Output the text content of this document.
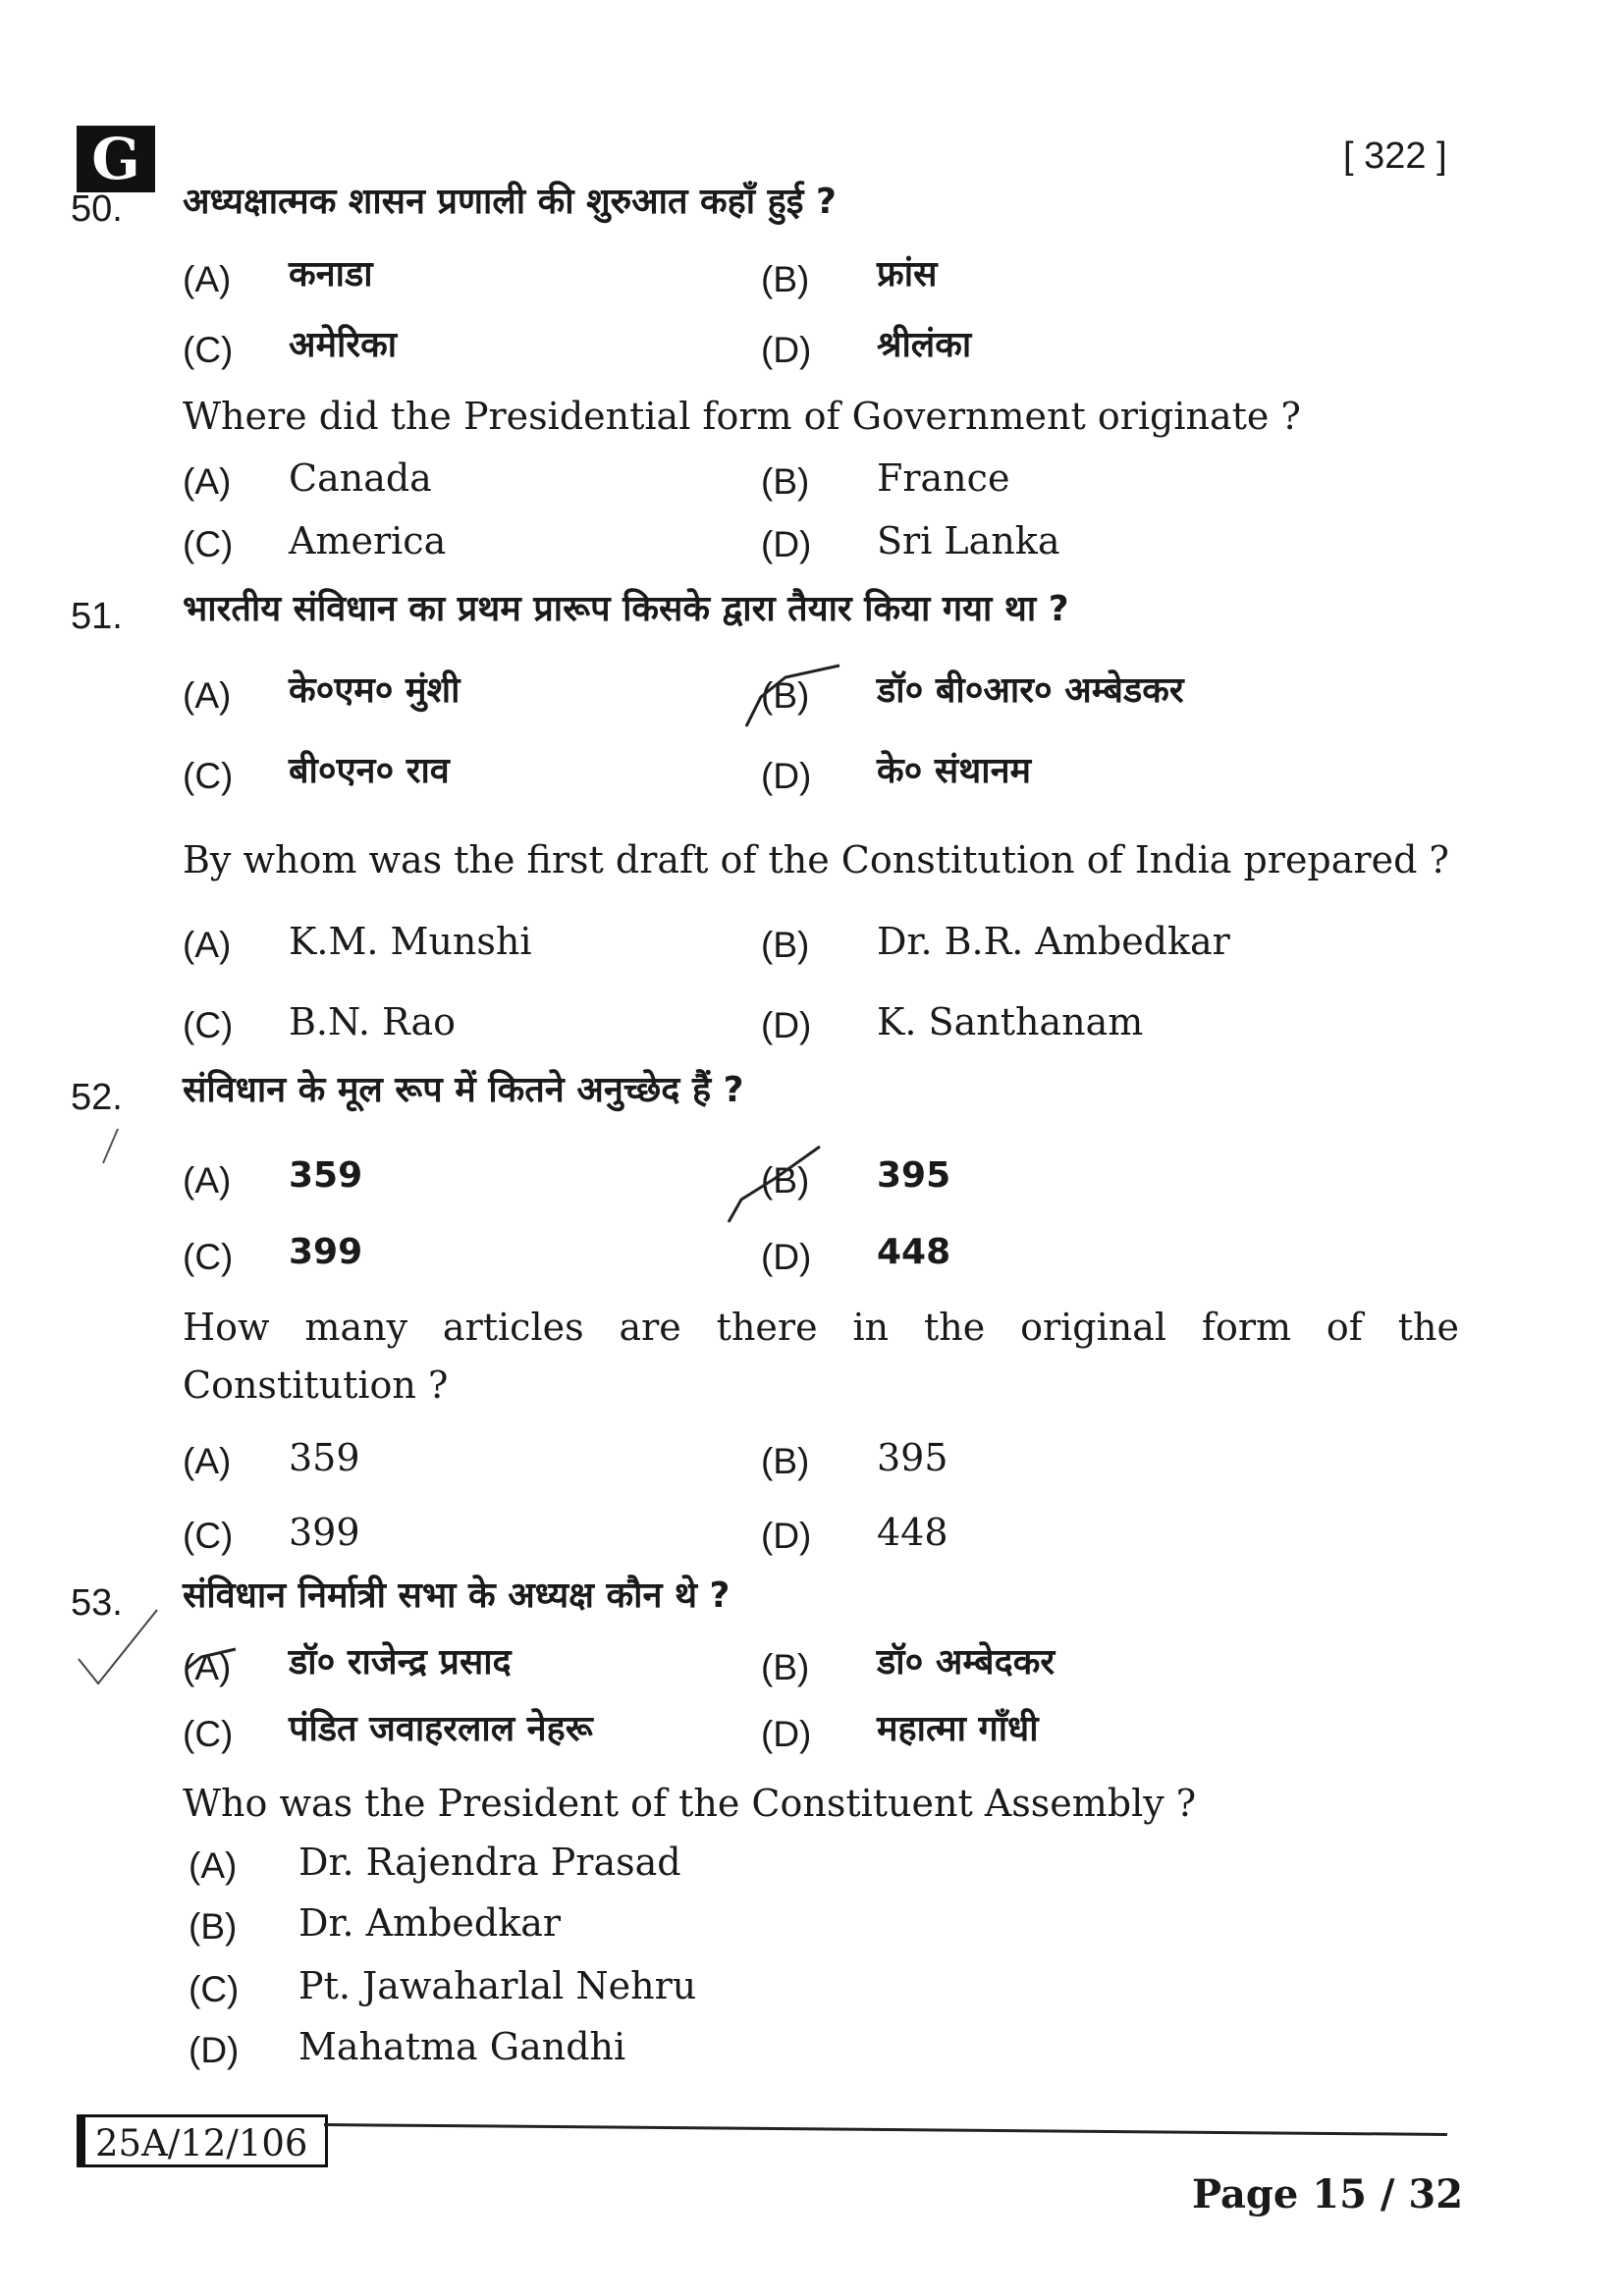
G	[ 322 ]
50. अध्यक्षात्मक शासन प्रणाली की शुरुआत कहाँ हुई ?
(A) कनाडा	(B) फ्रांस
(C) अमेरिका	(D) श्रीलंका
Where did the Presidential form of Government originate ?
(A) Canada	(B) France
(C) America	(D) Sri Lanka
51. भारतीय संविधान का प्रथम प्रारूप किसके द्वारा तैयार किया गया था ?
(A) के०एम० मुंशी	(B) डॉ० बी०आर० अम्बेडकर
(C) बी०एन० राव	(D) के० संथानम
By whom was the first draft of the Constitution of India prepared ?
(A) K.M. Munshi	(B) Dr. B.R. Ambedkar
(C) B.N. Rao	(D) K. Santhanam
52. संविधान के मूल रूप में कितने अनुच्छेद हैं ?
(A) 359	(B) 395
(C) 399	(D) 448
How many articles are there in the original form of the
Constitution ?
(A) 359	(B) 395
(C) 399	(D) 448
53. संविधान निर्मात्री सभा के अध्यक्ष कौन थे ?
(A) डॉ० राजेन्द्र प्रसाद	(B) डॉ० अम्बेदकर
(C) पंडित जवाहरलाल नेहरू	(D) महात्मा गाँधी
Who was the President of the Constituent Assembly ?
(A) Dr. Rajendra Prasad
(B) Dr. Ambedkar
(C) Pt. Jawaharlal Nehru
(D) Mahatma Gandhi
25A/12/106
Page 15 / 32
